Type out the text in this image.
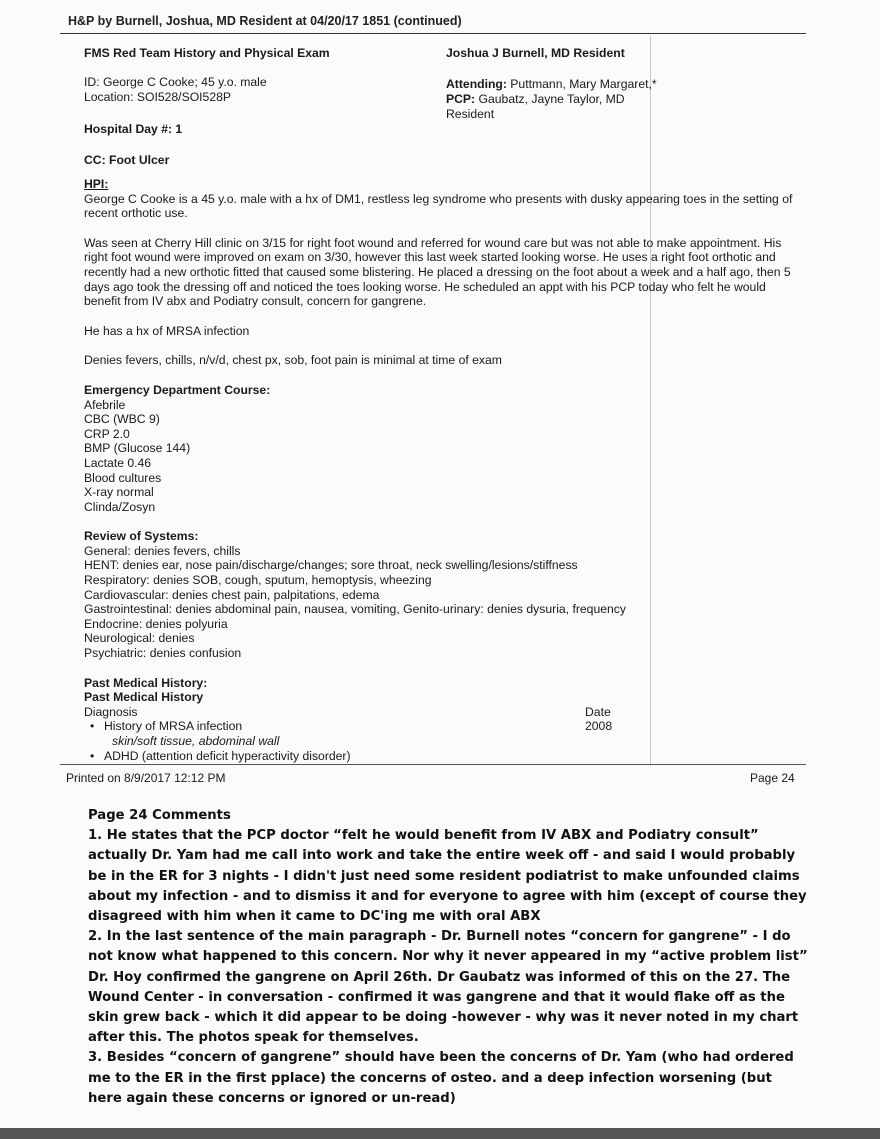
H&P by Burnell, Joshua, MD Resident at 04/20/17 1851 (continued)
FMS Red Team History and Physical Exam
ID: George C Cooke; 45 y.o. male
Location: SOI528/SOI528P
Hospital Day #: 1
CC: Foot Ulcer
Joshua J Burnell, MD Resident
Attending: Puttmann, Mary Margaret,*
PCP: Gaubatz, Jayne Taylor, MD
Resident
HPI:

George C Cooke is a 45 y.o. male with a hx of DM1, restless leg syndrome who presents with dusky appearing toes in the setting of recent orthotic use.

Was seen at Cherry Hill clinic on 3/15 for right foot wound and referred for wound care but was not able to make appointment. His right foot wound were improved on exam on 3/30, however this last week started looking worse. He uses a right foot orthotic and recently had a new orthotic fitted that caused some blistering. He placed a dressing on the foot about a week and a half ago, then 5 days ago took the dressing off and noticed the toes looking worse. He scheduled an appt with his PCP today who felt he would benefit from IV abx and Podiatry consult, concern for gangrene.

He has a hx of MRSA infection

Denies fevers, chills, n/v/d, chest px, sob, foot pain is minimal at time of exam

Emergency Department Course:
Afebrile
CBC (WBC 9)
CRP 2.0
BMP (Glucose 144)
Lactate 0.46
Blood cultures
X-ray normal
Clinda/Zosyn
Review of Systems:
General: denies fevers, chills
HENT: denies ear, nose pain/discharge/changes; sore throat, neck swelling/lesions/stiffness
Respiratory: denies SOB, cough, sputum, hemoptysis, wheezing
Cardiovascular: denies chest pain, palpitations, edema
Gastrointestinal: denies abdominal pain, nausea, vomiting, Genito-urinary: denies dysuria, frequency
Endocrine: denies polyuria
Neurological: denies
Psychiatric: denies confusion
Past Medical History:
Past Medical History
Diagnosis	Date
• History of MRSA infection	2008
skin/soft tissue, abdominal wall
• ADHD (attention deficit hyperactivity disorder)
Printed on 8/9/2017 12:12 PM	Page 24

Page 24 Comments

1. He states that the PCP doctor “felt he would benefit from IV ABX and Podiatry consult” actually Dr. Yam had me call into work and take the entire week off - and said I would probably be in the ER for 3 nights - I didn't just need some resident podiatrist to make unfounded claims about my infection - and to dismiss it and for everyone to agree with him (except of course they disagreed with him when it came to DC'ing me with oral ABX

2. In the last sentence of the main paragraph - Dr. Burnell notes “concern for gangrene” - I do not know what happened to this concern. Nor why it never appeared in my “active problem list” Dr. Hoy confirmed the gangrene on April 26th. Dr Gaubatz was informed of this on the 27. The Wound Center - in conversation - confirmed it was gangrene and that it would flake off as the skin grew back - which it did appear to be doing -however - why was it never noted in my chart after this. The photos speak for themselves.

3. Besides “concern of gangrene” should have been the concerns of Dr. Yam (who had ordered me to the ER in the first pplace) the concerns of osteo. and a deep infection worsening (but here again these concerns or ignored or un-read)
